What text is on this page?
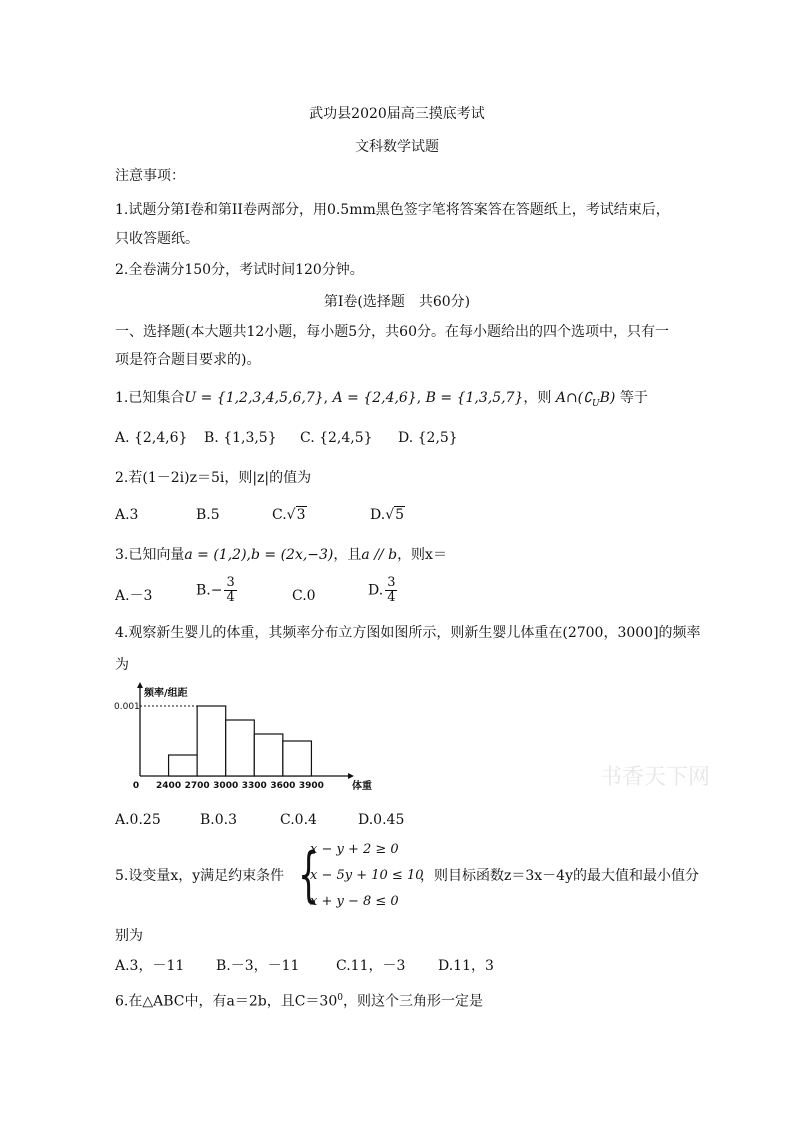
武功县2020届高三摸底考试
文科数学试题
注意事项：
1.试题分第I卷和第II卷两部分，用0.5mm黑色签字笔将答案答在答题纸上，考试结束后，
只收答题纸。
2.全卷满分150分，考试时间120分钟。
第I卷(选择题　共60分)
一、选择题(本大题共12小题，每小题5分，共60分。在每小题给出的四个选项中，只有一
项是符合题目要求的)。
1.已知集合U = {1,2,3,4,5,6,7}, A = {2,4,6}, B = {1,3,5,7}，则 $A\cap(∁_UB)$ 等于
A. {2,4,6} B. {1,3,5} C. {2,4,5} D. {2,5}
2.若(1－2i)z＝5i，则|z|的值为
A.3	B.5	C.√3	D.√5
3.已知向量a = (1,2),b = (2x,−3)，且a // b，则x＝
A.－3	$B.- \frac{3}{4}$	C.0	D. $\frac{3}{4}$
4.观察新生婴儿的体重，其频率分布立方图如图所示，则新生婴儿体重在(2700，3000]的频率
为
0.001
频率/组距
2400 2700 3000 3300 3600 3900
0	体重
A.0.25	B.0.3	C.0.4	D.0.45
5.设变量x，y满足约束条件 {
x − y + 2 ≥ 0
x − 5y + 10 ≤ 10
x + y − 8 ≤ 0
，则目标函数z＝3x－4y的最大值和最小值分
别为
A.3，－11 B.－3，－11	C.11，－3 D.11，3
6.在△ABC中，有a＝2b，且$C=30^0$，则这个三角形一定是
书香天下网
